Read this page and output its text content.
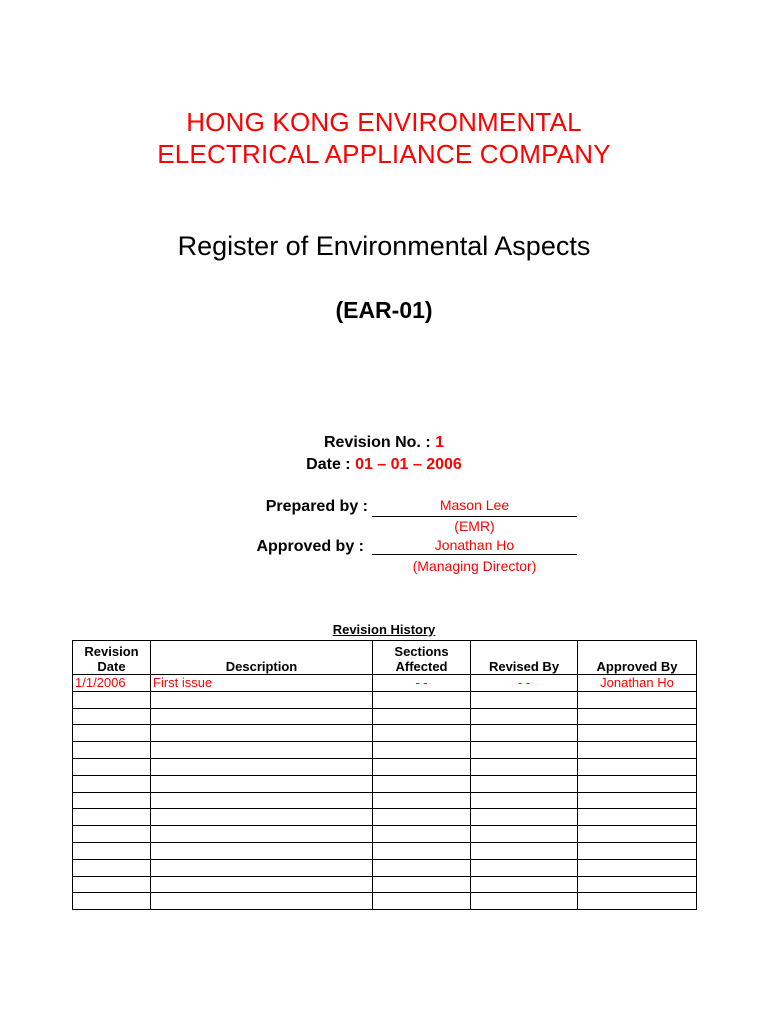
HONG KONG ENVIRONMENTAL
ELECTRICAL APPLIANCE COMPANY
Register of Environmental Aspects
(EAR-01)
Revision No. : 1
Date : 01 – 01 – 2006
Prepared by :	Mason Lee
(EMR)
Approved by :	Jonathan Ho
(Managing Director)
Revision History
Revision Date	Description	Sections Affected	Revised By	Approved By
1/1/2006	First issue	- -	- -	Jonathan Ho
